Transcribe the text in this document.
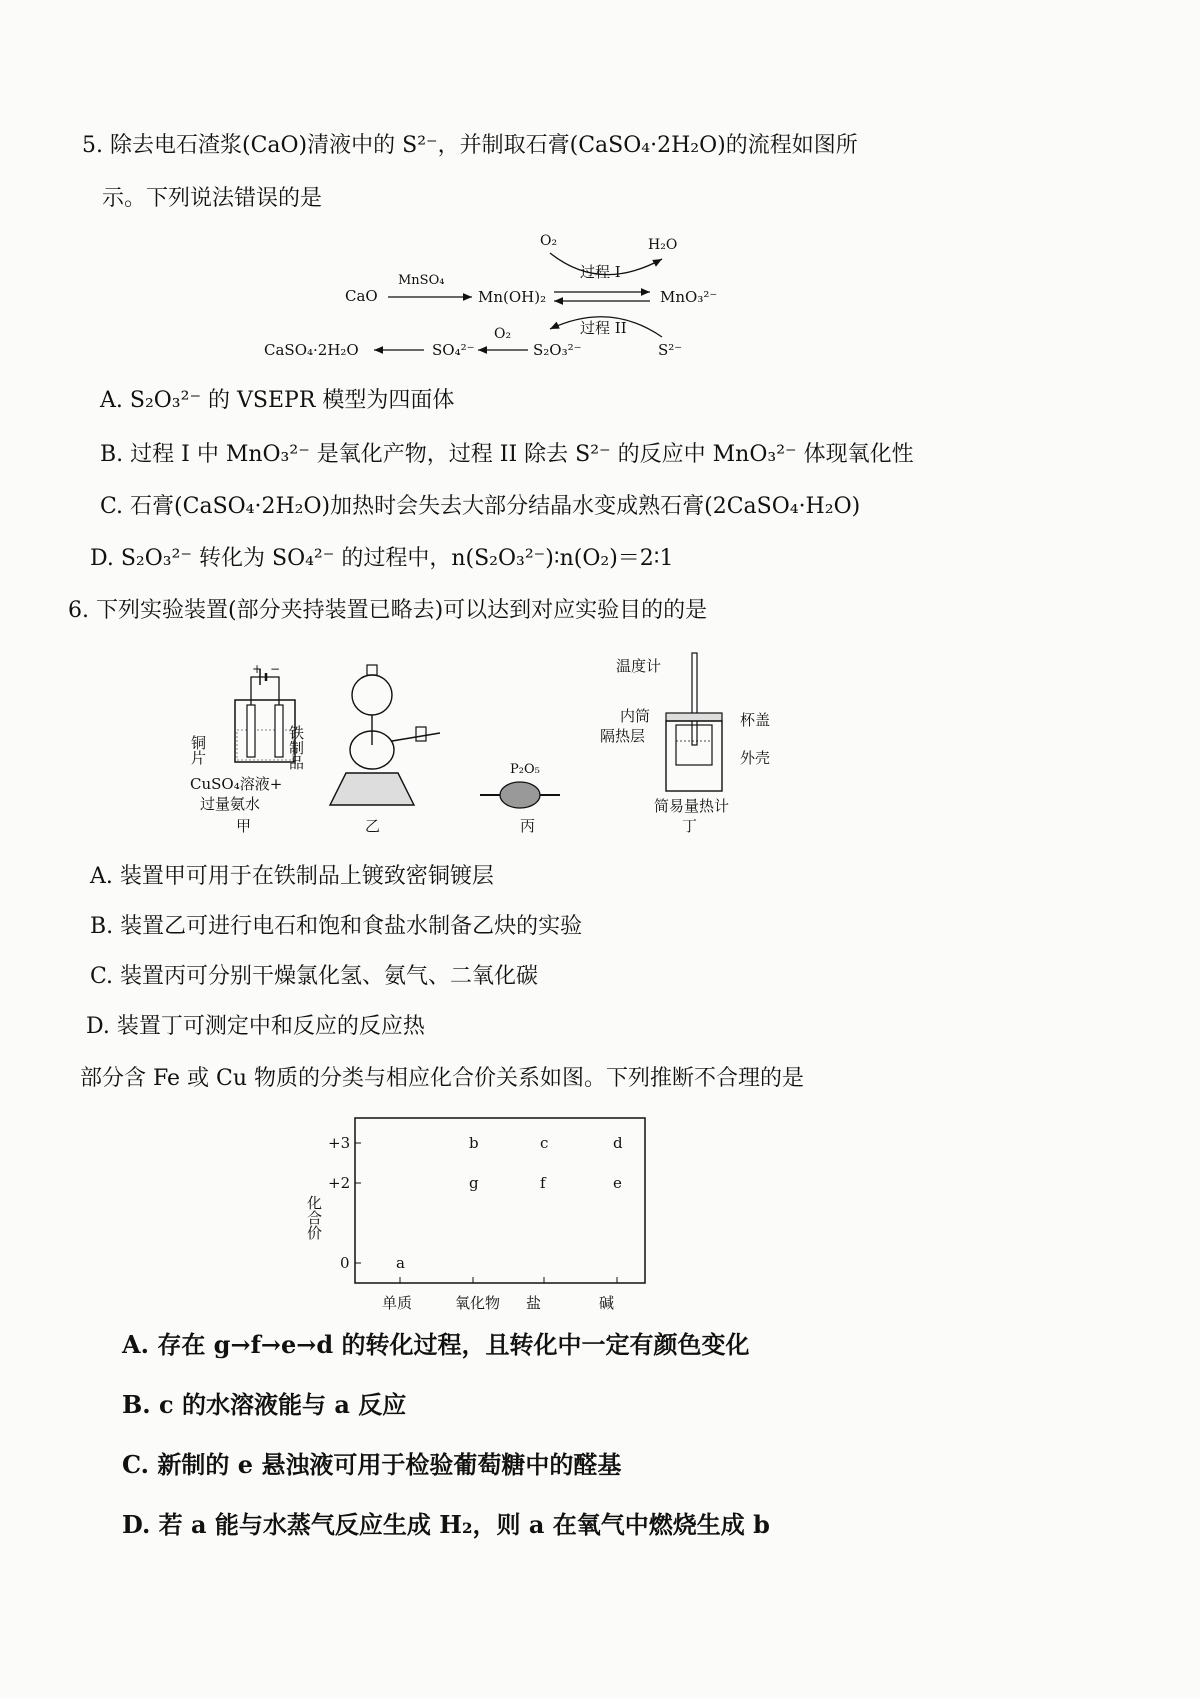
5. 除去电石渣浆(CaO)清液中的 S²⁻，并制取石膏(CaSO₄·2H₂O)的流程如图所
示。下列说法错误的是
O₂	H₂O
过程 I
CaO
MnSO₄
Mn(OH)₂	MnO₃²⁻
过程 II
O₂
CaSO₄·2H₂O	SO₄²⁻	S₂O₃²⁻	S²⁻
A. S₂O₃²⁻ 的 VSEPR 模型为四面体
B. 过程 I 中 MnO₃²⁻ 是氧化产物，过程 II 除去 S²⁻ 的反应中 MnO₃²⁻ 体现氧化性
C. 石膏(CaSO₄·2H₂O)加热时会失去大部分结晶水变成熟石膏(2CaSO₄·H₂O)
D. S₂O₃²⁻ 转化为 SO₄²⁻ 的过程中，n(S₂O₃²⁻)∶n(O₂)＝2∶1
6. 下列实验装置(部分夹持装置已略去)可以达到对应实验目的的是
+ −
铜片	铁制品
CuSO₄溶液+
过量氨水
甲	乙
P₂O₅
丙
温度计
内筒
隔热层
杯盖
外壳
简易量热计
丁
A. 装置甲可用于在铁制品上镀致密铜镀层
B. 装置乙可进行电石和饱和食盐水制备乙炔的实验
C. 装置丙可分别干燥氯化氢、氨气、二氧化碳
D. 装置丁可测定中和反应的反应热
部分含 Fe 或 Cu 物质的分类与相应化合价关系如图。下列推断不合理的是
化合价
单质	氧化物 盐	碱
+3
+2
0	a
b	c	d
g	f	e
A. 存在 g→f→e→d 的转化过程，且转化中一定有颜色变化
B. c 的水溶液能与 a 反应
C. 新制的 e 悬浊液可用于检验葡萄糖中的醛基
D. 若 a 能与水蒸气反应生成 H₂，则 a 在氧气中燃烧生成 b
